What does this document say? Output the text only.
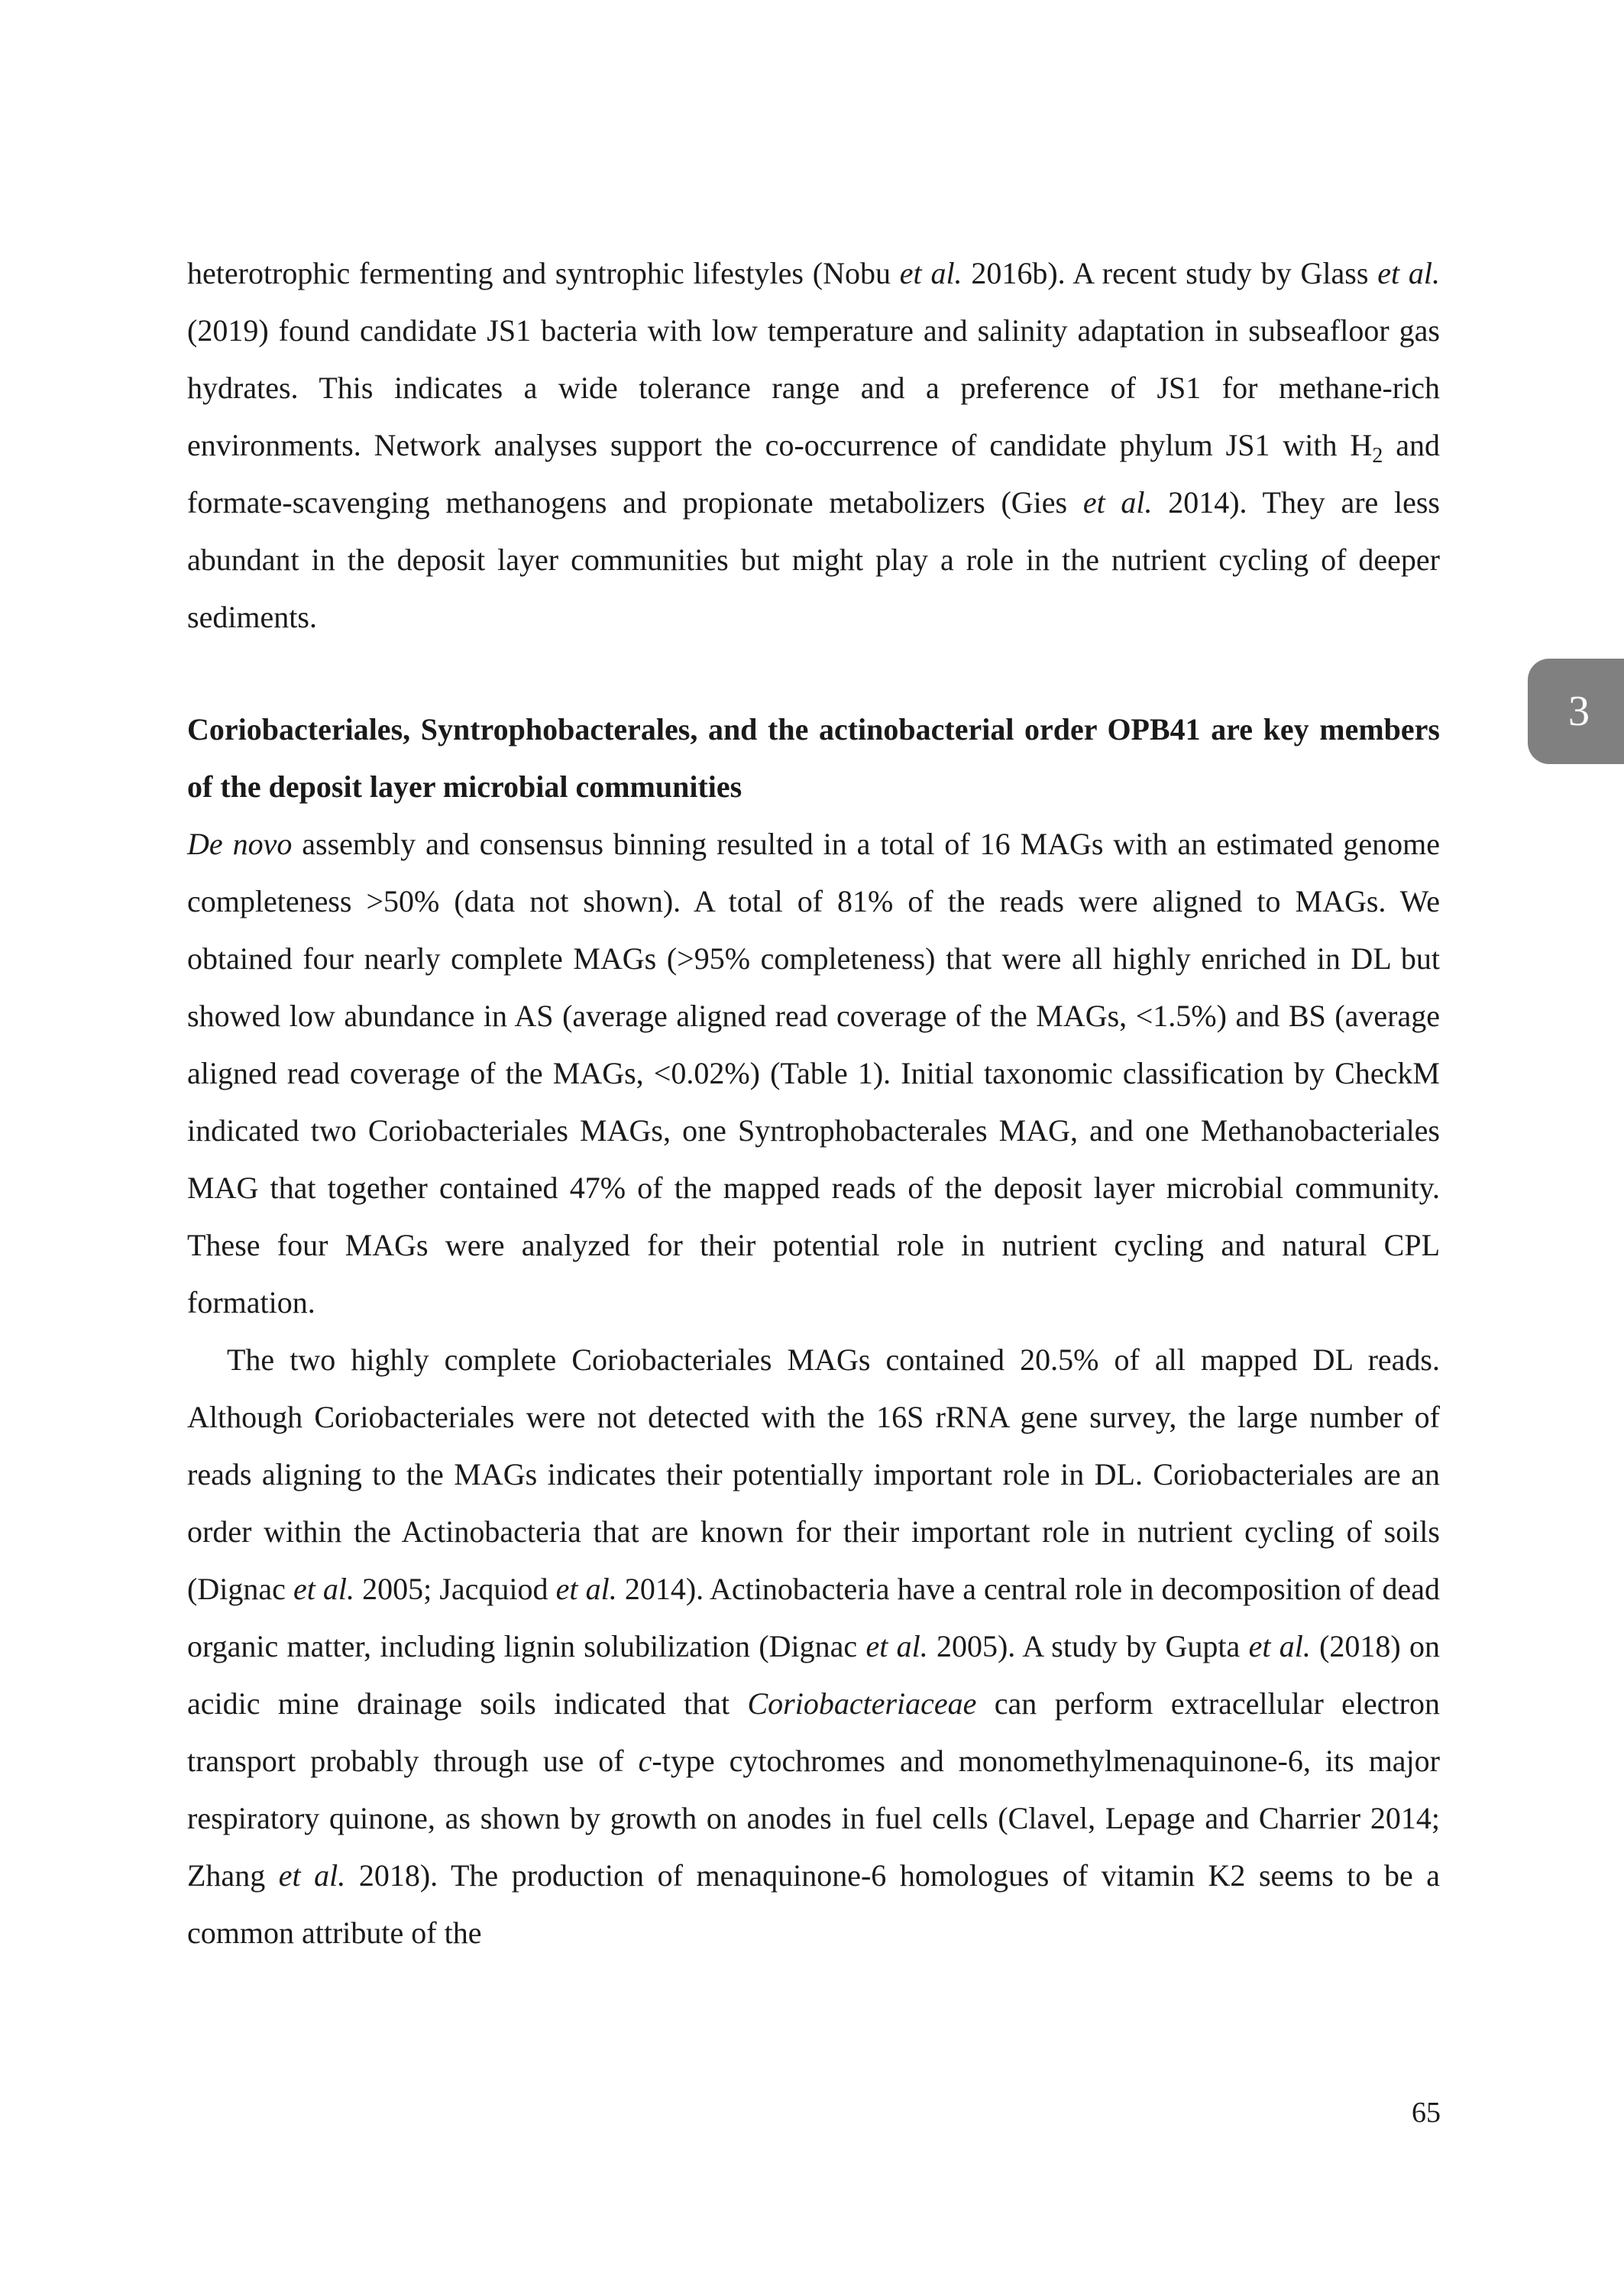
heterotrophic fermenting and syntrophic lifestyles (Nobu et al. 2016b). A recent study by Glass et al. (2019) found candidate JS1 bacteria with low temperature and salinity adaptation in subseafloor gas hydrates. This indicates a wide tolerance range and a preference of JS1 for methane-rich environments. Network analyses support the co-occurrence of candidate phylum JS1 with $H_2$ and formate-scavenging methanogens and propionate metabolizers (Gies et al. 2014). They are less abundant in the deposit layer communities but might play a role in the nutrient cycling of deeper sediments.

Coriobacteriales, Syntrophobacterales, and the actinobacterial order OPB41 are key members of the deposit layer microbial communities

De novo assembly and consensus binning resulted in a total of 16 MAGs with an estimated genome completeness >50% (data not shown). A total of 81% of the reads were aligned to MAGs. We obtained four nearly complete MAGs (>95% completeness) that were all highly enriched in DL but showed low abundance in AS (average aligned read coverage of the MAGs, <1.5%) and BS (average aligned read coverage of the MAGs, <0.02%) (Table 1). Initial taxonomic classification by CheckM indicated two Coriobacteriales MAGs, one Syntrophobacterales MAG, and one Methanobacteriales MAG that together contained 47% of the mapped reads of the deposit layer microbial community. These four MAGs were analyzed for their potential role in nutrient cycling and natural CPL formation.

The two highly complete Coriobacteriales MAGs contained 20.5% of all mapped DL reads. Although Coriobacteriales were not detected with the 16S rRNA gene survey, the large number of reads aligning to the MAGs indicates their potentially important role in DL. Coriobacteriales are an order within the Actinobacteria that are known for their important role in nutrient cycling of soils (Dignac et al. 2005; Jacquiod et al. 2014). Actinobacteria have a central role in decomposition of dead organic matter, including lignin solubilization (Dignac et al. 2005). A study by Gupta et al. (2018) on acidic mine drainage soils indicated that Coriobacteriaceae can perform extracellular electron transport probably through use of c-type cytochromes and monomethylmenaquinone-6, its major respiratory quinone, as shown by growth on anodes in fuel cells (Clavel, Lepage and Charrier 2014; Zhang et al. 2018). The production of menaquinone-6 homologues of vitamin K2 seems to be a common attribute of the

3
65
